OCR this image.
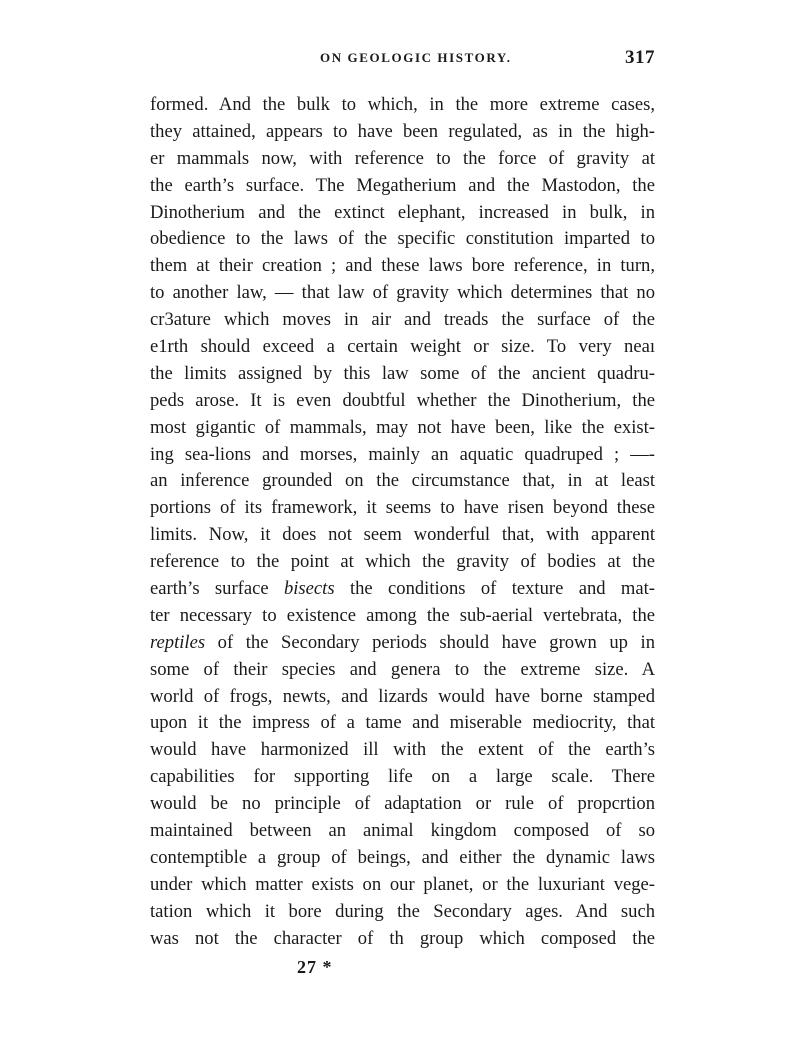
ON GEOLOGIC HISTORY.	317
formed. And the bulk to which, in the more extreme cases,
they attained, appears to have been regulated, as in the high-
er mammals now, with reference to the force of gravity at
the earth’s surface. The Megatherium and the Mastodon, the
Dinotherium and the extinct elephant, increased in bulk, in
obedience to the laws of the specific constitution imparted to
them at their creation ; and these laws bore reference, in turn,
to another law, — that law of gravity which determines that no
cr3ature which moves in air and treads the surface of the
e1rth should exceed a certain weight or size. To very neaı
the limits assigned by this law some of the ancient quadru-
peds arose. It is even doubtful whether the Dinotherium, the
most gigantic of mammals, may not have been, like the exist-
ing sea-lions and morses, mainly an aquatic quadruped ; —-
an inference grounded on the circumstance that, in at least
portions of its framework, it seems to have risen beyond these
limits. Now, it does not seem wonderful that, with apparent
reference to the point at which the gravity of bodies at the
earth’s surface bisects the conditions of texture and mat-
ter necessary to existence among the sub-aerial vertebrata, the
reptiles of the Secondary periods should have grown up in
some of their species and genera to the extreme size. A
world of frogs, newts, and lizards would have borne stamped
upon it the impress of a tame and miserable mediocrity, that
would have harmonized ill with the extent of the earth’s
capabilities for sıpporting life on a large scale. There
would be no principle of adaptation or rule of propcrtion
maintained between an animal kingdom composed of so
contemptible a group of beings, and either the dynamic laws
under which matter exists on our planet, or the luxuriant vege-
tation which it bore during the Secondary ages. And such
was not the character of th group which composed the
27 *
